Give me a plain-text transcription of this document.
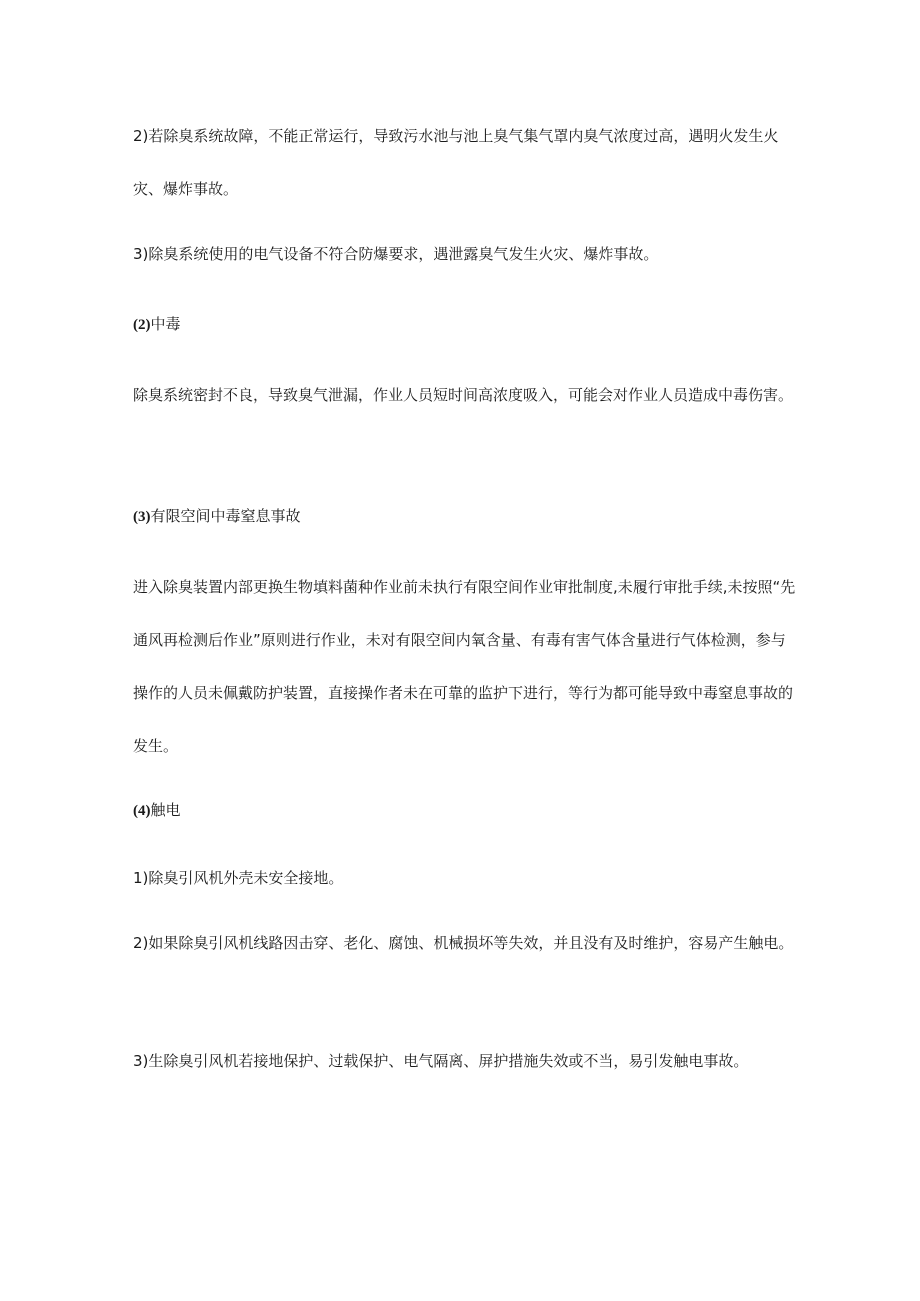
2)若除臭系统故障，不能正常运行，导致污水池与池上臭气集气罩内臭气浓度过高，遇明火发生火灾、爆炸事故。

3)除臭系统使用的电气设备不符合防爆要求，遇泄露臭气发生火灾、爆炸事故。

(2)中毒

除臭系统密封不良，导致臭气泄漏，作业人员短时间高浓度吸入，可能会对作业人员造成中毒伤害。

(3)有限空间中毒窒息事故

进入除臭装置内部更换生物填料菌种作业前未执行有限空间作业审批制度,未履行审批手续,未按照“先通风再检测后作业”原则进行作业，未对有限空间内氧含量、有毒有害气体含量进行气体检测，参与操作的人员未佩戴防护装置，直接操作者未在可靠的监护下进行，等行为都可能导致中毒窒息事故的发生。

(4)触电

1)除臭引风机外壳未安全接地。

2)如果除臭引风机线路因击穿、老化、腐蚀、机械损坏等失效，并且没有及时维护，容易产生触电。

3)生除臭引风机若接地保护、过载保护、电气隔离、屏护措施失效或不当，易引发触电事故。
